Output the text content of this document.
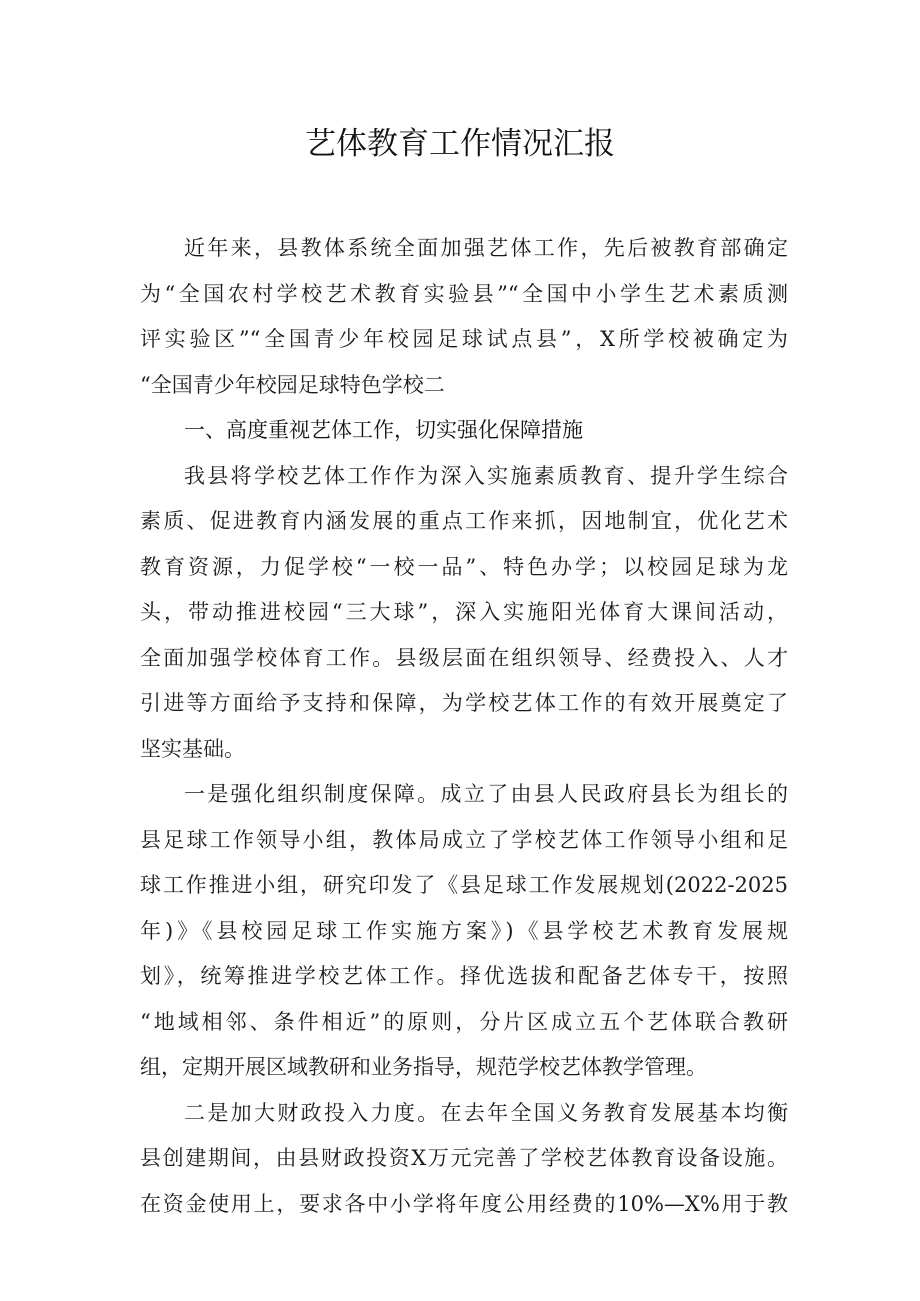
艺体教育工作情况汇报
近年来，县教体系统全面加强艺体工作，先后被教育部确定
为“全国农村学校艺术教育实验县”“全国中小学生艺术素质测
评实验区”“全国青少年校园足球试点县”，X所学校被确定为
“全国青少年校园足球特色学校二
一、高度重视艺体工作，切实强化保障措施
我县将学校艺体工作作为深入实施素质教育、提升学生综合
素质、促进教育内涵发展的重点工作来抓，因地制宜，优化艺术
教育资源，力促学校“一校一品”、特色办学；以校园足球为龙
头，带动推进校园“三大球”，深入实施阳光体育大课间活动，
全面加强学校体育工作。县级层面在组织领导、经费投入、人才
引进等方面给予支持和保障，为学校艺体工作的有效开展奠定了
坚实基础。
一是强化组织制度保障。成立了由县人民政府县长为组长的
县足球工作领导小组，教体局成立了学校艺体工作领导小组和足
球工作推进小组，研究印发了《县足球工作发展规划(2022-2025
年)》《县校园足球工作实施方案》)《县学校艺术教育发展规
划》，统筹推进学校艺体工作。择优选拔和配备艺体专干，按照
“地域相邻、条件相近”的原则，分片区成立五个艺体联合教研
组，定期开展区域教研和业务指导，规范学校艺体教学管理。
二是加大财政投入力度。在去年全国义务教育发展基本均衡
县创建期间，由县财政投资X万元完善了学校艺体教育设备设施。
在资金使用上，要求各中小学将年度公用经费的10%—X%用于教
